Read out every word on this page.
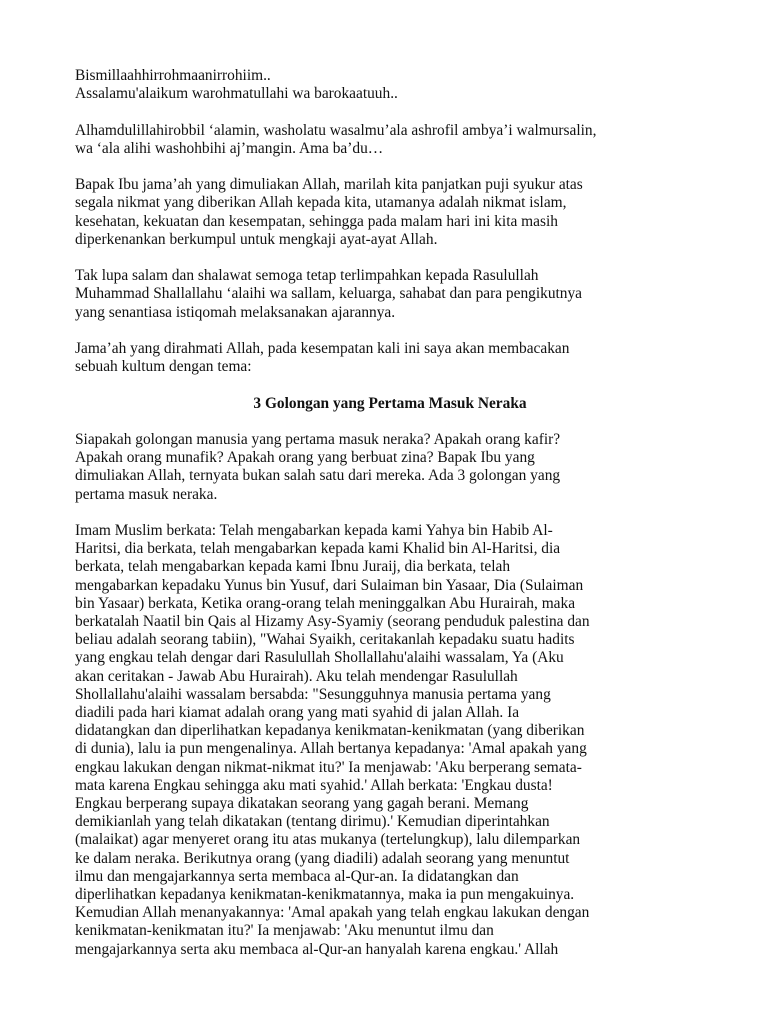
Bismillaahhirrohmaanirrohiim..
Assalamu'alaikum warohmatullahi wa barokaatuuh..
Alhamdulillahirobbil ‘alamin, washolatu wasalmu’ala ashrofil ambya’i walmursalin,
wa ‘ala alihi washohbihi aj’mangin. Ama ba’du…
Bapak Ibu jama’ah yang dimuliakan Allah, marilah kita panjatkan puji syukur atas
segala nikmat yang diberikan Allah kepada kita, utamanya adalah nikmat islam,
kesehatan, kekuatan dan kesempatan, sehingga pada malam hari ini kita masih
diperkenankan berkumpul untuk mengkaji ayat-ayat Allah.
Tak lupa salam dan shalawat semoga tetap terlimpahkan kepada Rasulullah
Muhammad Shallallahu ‘alaihi wa sallam, keluarga, sahabat dan para pengikutnya
yang senantiasa istiqomah melaksanakan ajarannya.
Jama’ah yang dirahmati Allah, pada kesempatan kali ini saya akan membacakan
sebuah kultum dengan tema:
3 Golongan yang Pertama Masuk Neraka
Siapakah golongan manusia yang pertama masuk neraka? Apakah orang kafir?
Apakah orang munafik? Apakah orang yang berbuat zina? Bapak Ibu yang
dimuliakan Allah, ternyata bukan salah satu dari mereka. Ada 3 golongan yang
pertama masuk neraka.
Imam Muslim berkata: Telah mengabarkan kepada kami Yahya bin Habib Al-
Haritsi, dia berkata, telah mengabarkan kepada kami Khalid bin Al-Haritsi, dia
berkata, telah mengabarkan kepada kami Ibnu Juraij, dia berkata, telah
mengabarkan kepadaku Yunus bin Yusuf, dari Sulaiman bin Yasaar, Dia (Sulaiman
bin Yasaar) berkata, Ketika orang-orang telah meninggalkan Abu Hurairah, maka
berkatalah Naatil bin Qais al Hizamy Asy-Syamiy (seorang penduduk palestina dan
beliau adalah seorang tabiin), "Wahai Syaikh, ceritakanlah kepadaku suatu hadits
yang engkau telah dengar dari Rasulullah Shollallahu'alaihi wassalam, Ya (Aku
akan ceritakan - Jawab Abu Hurairah). Aku telah mendengar Rasulullah
Shollallahu'alaihi wassalam bersabda: "Sesungguhnya manusia pertama yang
diadili pada hari kiamat adalah orang yang mati syahid di jalan Allah. Ia
didatangkan dan diperlihatkan kepadanya kenikmatan-kenikmatan (yang diberikan
di dunia), lalu ia pun mengenalinya. Allah bertanya kepadanya: 'Amal apakah yang
engkau lakukan dengan nikmat-nikmat itu?' Ia menjawab: 'Aku berperang semata-
mata karena Engkau sehingga aku mati syahid.' Allah berkata: 'Engkau dusta!
Engkau berperang supaya dikatakan seorang yang gagah berani. Memang
demikianlah yang telah dikatakan (tentang dirimu).' Kemudian diperintahkan
(malaikat) agar menyeret orang itu atas mukanya (tertelungkup), lalu dilemparkan
ke dalam neraka. Berikutnya orang (yang diadili) adalah seorang yang menuntut
ilmu dan mengajarkannya serta membaca al-Qur-an. Ia didatangkan dan
diperlihatkan kepadanya kenikmatan-kenikmatannya, maka ia pun mengakuinya.
Kemudian Allah menanyakannya: 'Amal apakah yang telah engkau lakukan dengan
kenikmatan-kenikmatan itu?' Ia menjawab: 'Aku menuntut ilmu dan
mengajarkannya serta aku membaca al-Qur-an hanyalah karena engkau.' Allah
